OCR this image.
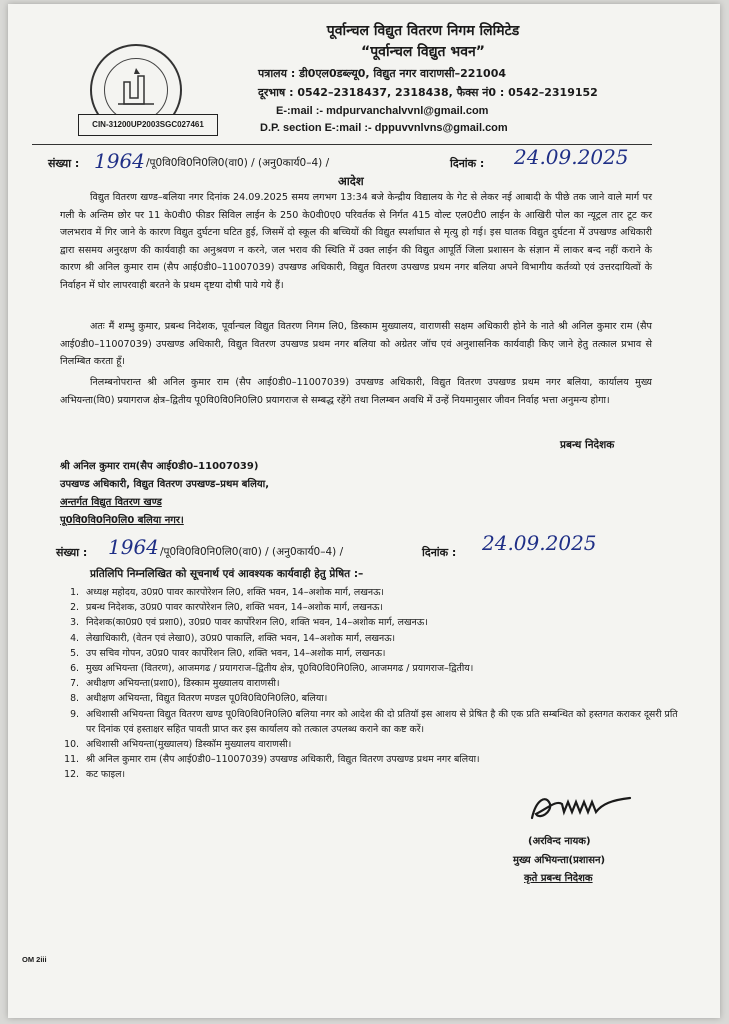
CIN-31200UP2003SGC027461
पूर्वान्चल विद्युत वितरण निगम लिमिटेड
“पूर्वान्चल विद्युत भवन”
पत्रालय : डी0एल0डब्ल्यू0, विद्युत नगर वाराणसी–221004
दूरभाष : 0542–2318437, 2318438, फैक्स नं0 : 0542–2319152
E-:mail :- mdpurvanchalvvnl@gmail.com
D.P. section E-:mail :- dppuvvnlvns@gmail.com
संख्या : 1964 /पू0वि0वि0नि0लि0(वा0) / (अनु0कार्य0–4) /	दिनांक : 24.09.2025
आदेश

विद्युत वितरण खण्ड–बलिया नगर दिनांक 24.09.2025 समय लगभग 13:34 बजे केन्द्रीय विद्यालय के गेट से लेकर नई आबादी के पीछे तक जाने वाले मार्ग पर गली के अन्तिम छोर पर 11 के0वी0 फीडर सिविल लाईन के 250 के0वी0ए0 परिवर्तक से निर्गत 415 वोल्ट एल0टी0 लाईन के आखिरी पोल का न्यूट्रल तार टूट कर जलभराव में गिर जाने के कारण विद्युत दुर्घटना घटित हुई, जिसमें दो स्कूल की बच्चियों की विद्युत स्पर्शाघात से मृत्यु हो गई। इस घातक विद्युत दुर्घटना में उपखण्ड अधिकारी द्वारा ससमय अनुरक्षण की कार्यवाही का अनुश्रवण न करने, जल भराव की स्थिति में उक्त लाईन की विद्युत आपूर्ति जिला प्रशासन के संज्ञान में लाकर बन्द नहीं कराने के कारण श्री अनिल कुमार राम (सैप आई0डी0–11007039) उपखण्ड अधिकारी, विद्युत वितरण उपखण्ड प्रथम नगर बलिया अपने विभागीय कर्तव्यो एवं उत्तरदायित्वों के निर्वाहन में घोर लापरवाही बरतने के प्रथम दृष्टया दोषी पाये गये हैं।

अतः मैं शम्भु कुमार, प्रबन्ध निदेशक, पूर्वान्चल विद्युत वितरण निगम लि0, डिस्काम मुख्यालय, वाराणसी सक्षम अधिकारी होने के नाते श्री अनिल कुमार राम (सैप आई0डी0–11007039) उपखण्ड अधिकारी, विद्युत वितरण उपखण्ड प्रथम नगर बलिया को अग्रेतर जॉच एवं अनुशासनिक कार्यवाही किए जाने हेतु तत्काल प्रभाव से निलम्बित करता हूँ।

निलम्बनोपरान्त श्री अनिल कुमार राम (सैप आई0डी0–11007039) उपखण्ड अधिकारी, विद्युत वितरण उपखण्ड प्रथम नगर बलिया, कार्यालय मुख्य अभियन्ता(वि0) प्रयागराज क्षेत्र–द्वितीय पू0वि0वि0नि0लि0 प्रयागराज से सम्बद्ध रहेंगे तथा निलम्बन अवधि में उन्हें नियमानुसार जीवन निर्वाह भत्ता अनुमन्य होगा।

प्रबन्ध निदेशक
श्री अनिल कुमार राम(सैप आई0डी0–11007039)
उपखण्ड अधिकारी, विद्युत वितरण उपखण्ड–प्रथम बलिया,
अन्तर्गत विद्युत वितरण खण्ड
पू0वि0वि0नि0लि0 बलिया नगर।
संख्या : 1964 /पू0वि0वि0नि0लि0(वा0) / (अनु0कार्य0–4) /	दिनांक : 24.09.2025
प्रतिलिपि निम्नलिखित को सूचनार्थ एवं आवश्यक कार्यवाही हेतु प्रेषित :–
1. अध्यक्ष महोदय, उ0प्र0 पावर कारपोरेशन लि0, शक्ति भवन, 14–अशोक मार्ग, लखनऊ।
2. प्रबन्ध निदेशक, उ0प्र0 पावर कारपोरेशन लि0, शक्ति भवन, 14–अशोक मार्ग, लखनऊ।
3. निदेशक(का0प्र0 एवं प्रशा0), उ0प्र0 पावर कार्पोरेशन लि0, शक्ति भवन, 14–अशोक मार्ग, लखनऊ।
4. लेखाधिकारी, (वेतन एवं लेखा0), उ0प्र0 पाकालि, शक्ति भवन, 14–अशोक मार्ग, लखनऊ।
5. उप सचिव गोपन, उ0प्र0 पावर कार्पोरेशन लि0, शक्ति भवन, 14–अशोक मार्ग, लखनऊ।
6. मुख्य अभियन्ता (वितरण), आजमगढ / प्रयागराज–द्वितीय क्षेत्र, पू0वि0वि0नि0लि0, आजमगढ / प्रयागराज–द्वितीय।
7. अधीक्षण अभियन्ता(प्रशा0), डिस्काम मुख्यालय वाराणसी।
8. अधीक्षण अभियन्ता, विद्युत वितरण मण्डल पू0वि0वि0नि0लि0, बलिया।
9. अधिशासी अभियन्ता विद्युत वितरण खण्ड पू0वि0वि0नि0लि0 बलिया नगर को आदेश की दो प्रतियॉ इस आशय से प्रेषित है की एक प्रति सम्बन्धित को हस्तगत कराकर दूसरी प्रति पर दिनांक एवं हस्ताक्षर सहित पावती प्राप्त कर इस कार्यालय को तत्काल उपलब्ध कराने का कष्ट करें।
10. अधिशासी अभियन्ता(मुख्यालय) डिस्कॉम मुख्यालय वाराणसी।
11. श्री अनिल कुमार राम (सैप आई0डी0–11007039) उपखण्ड अधिकारी, विद्युत वितरण उपखण्ड प्रथम नगर बलिया।
12. कट फाइल।
(अरविन्द नायक)
मुख्य अभियन्ता(प्रशासन)
कृते प्रबन्ध निदेशक
OM 2iii
